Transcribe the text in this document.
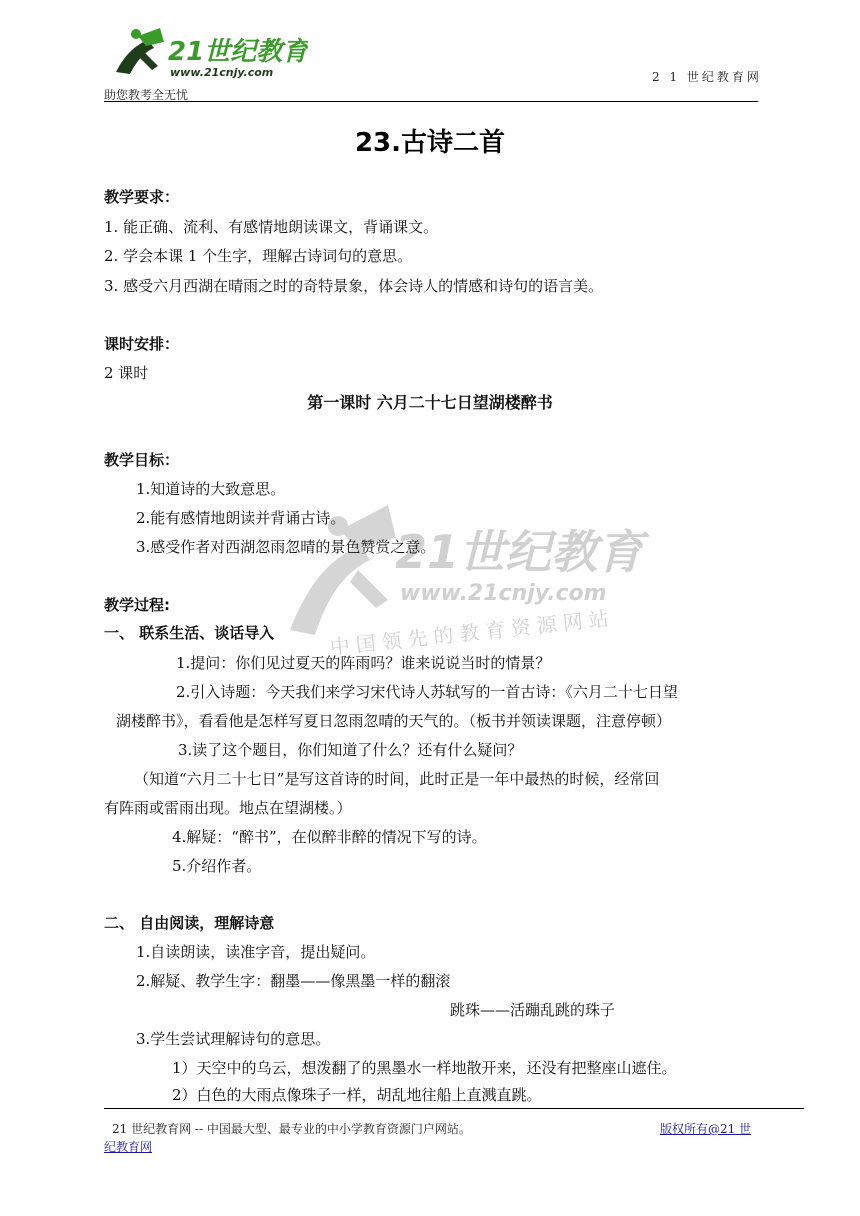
21世纪教育
www.21cnjy.com	2 1 世纪教育网
助您教考全无忧
23.古诗二首
教学要求：
1. 能正确、流利、有感情地朗读课文，背诵课文。
2. 学会本课 1 个生字，理解古诗词句的意思。
3. 感受六月西湖在晴雨之时的奇特景象，体会诗人的情感和诗句的语言美。
课时安排：
2 课时
第一课时 六月二十七日望湖楼醉书
21世纪教育
www.21cnjy.com
中国领先的教育资源网站
教学目标：
1.知道诗的大致意思。
2.能有感情地朗读并背诵古诗。
3.感受作者对西湖忽雨忽晴的景色赞赏之意。
教学过程:
一、 联系生活、谈话导入
1.提问：你们见过夏天的阵雨吗？谁来说说当时的情景？
2.引入诗题：今天我们来学习宋代诗人苏轼写的一首古诗：《六月二十七日望
湖楼醉书》，看看他是怎样写夏日忽雨忽晴的天气的。（板书并领读课题，注意停顿）
3.读了这个题目，你们知道了什么？还有什么疑问？
（知道“六月二十七日”是写这首诗的时间，此时正是一年中最热的时候，经常回
有阵雨或雷雨出现。地点在望湖楼。）
4.解疑：“醉书”，在似醉非醉的情况下写的诗。
5.介绍作者。
二、 自由阅读，理解诗意
1.自读朗读，读准字音，提出疑问。
2.解疑、教学生字：翻墨——像黑墨一样的翻滚
跳珠——活蹦乱跳的珠子
3.学生尝试理解诗句的意思。
1）天空中的乌云，想泼翻了的黑墨水一样地散开来，还没有把整座山遮住。
2）白色的大雨点像珠子一样，胡乱地往船上直溅直跳。
21 世纪教育网 -- 中国最大型、最专业的中小学教育资源门户网站。	版权所有@21 世
纪教育网
